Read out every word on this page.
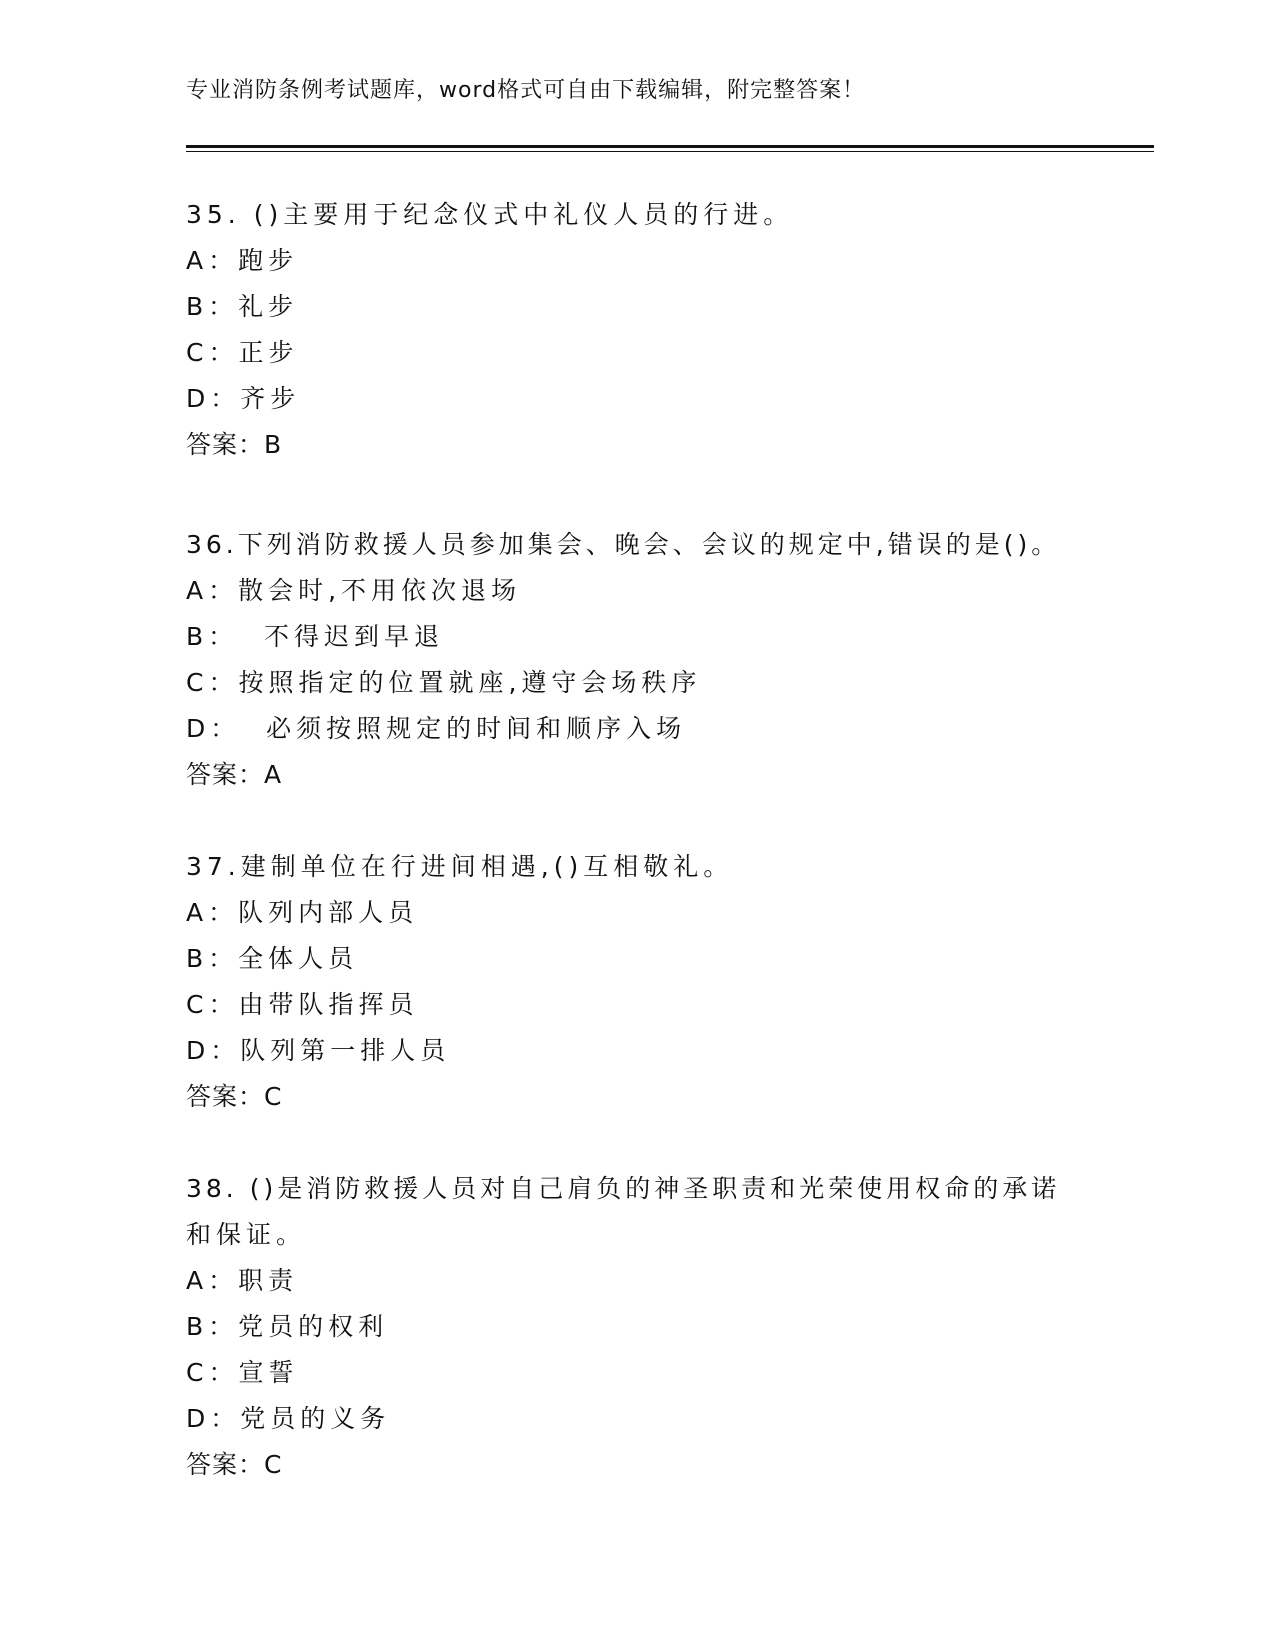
专业消防条例考试题库，word格式可自由下载编辑，附完整答案！
35. ()主要用于纪念仪式中礼仪人员的行进。
A：跑步
B：礼步
C：正步
D：齐步
答案：B
36.下列消防救援人员参加集会、晚会、会议的规定中,错误的是()。
A：散会时,不用依次退场
B：  不得迟到早退
C：按照指定的位置就座,遵守会场秩序
D：  必须按照规定的时间和顺序入场
答案：A
37.建制单位在行进间相遇,()互相敬礼。
A：队列内部人员
B：全体人员
C：由带队指挥员
D：队列第一排人员
答案：C
38. ()是消防救援人员对自己肩负的神圣职责和光荣使用权命的承诺
和保证。
A：职责
B：党员的权利
C：宣誓
D：党员的义务
答案：C
